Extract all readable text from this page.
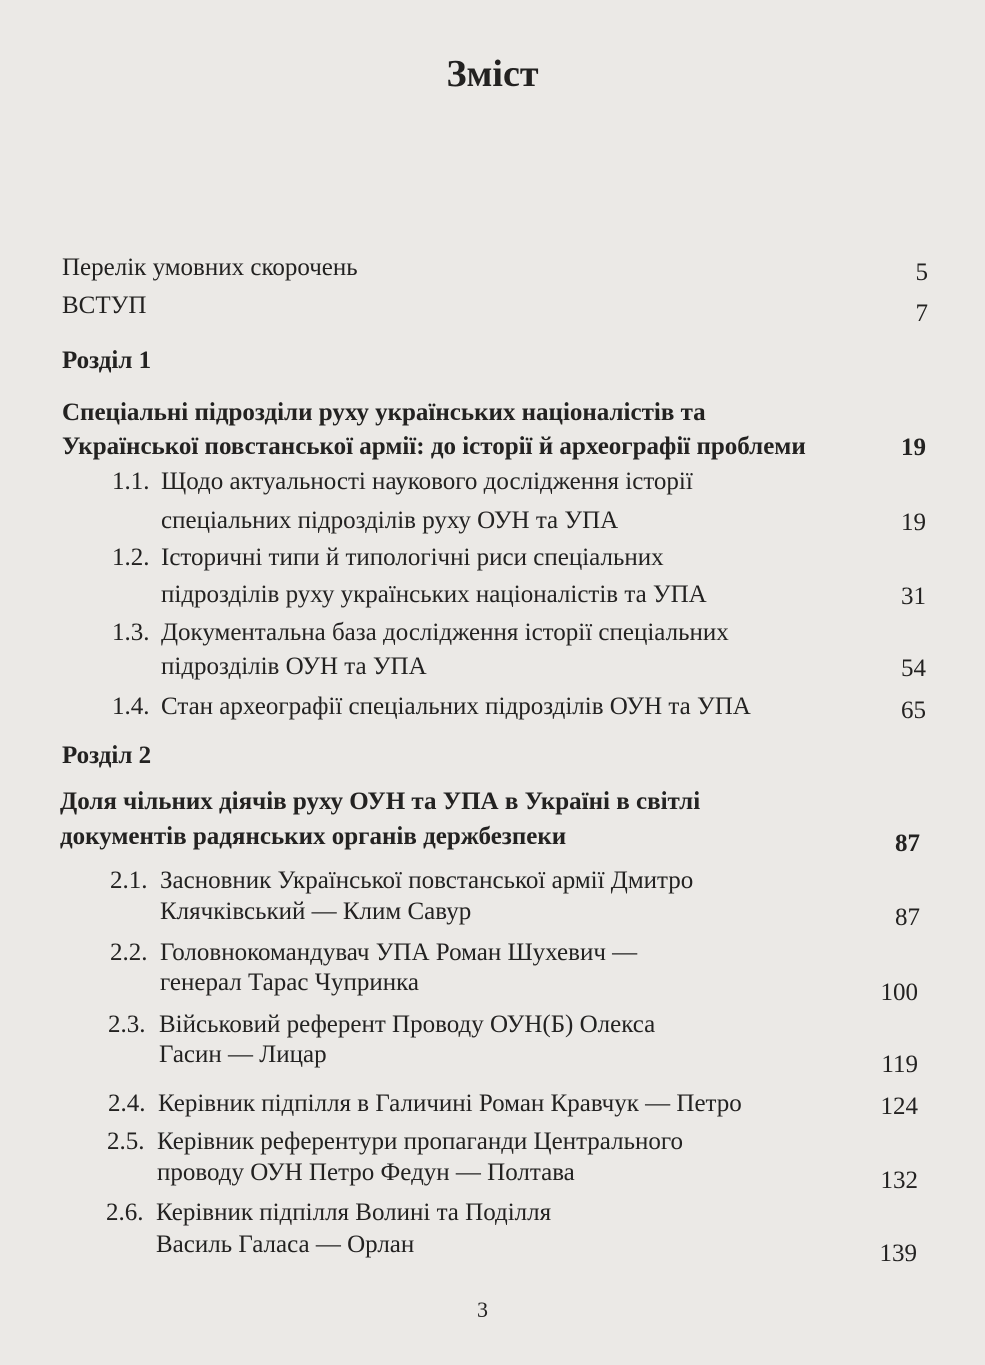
Зміст
Перелік умовних скорочень	5
ВСТУП	7
Розділ 1
Спеціальні підрозділи руху українських націоналістів та
Української повстанської армії: до історії й археографії проблеми	19
1.1. Щодо актуальності наукового дослідження історії
спеціальних підрозділів руху ОУН та УПА	19
1.2. Історичні типи й типологічні риси спеціальних
підрозділів руху українських націоналістів та УПА	31
1.3. Документальна база дослідження історії спеціальних
підрозділів ОУН та УПА	54
1.4. Стан археографії спеціальних підрозділів ОУН та УПА	65
Розділ 2
Доля чільних діячів руху ОУН та УПА в Україні в світлі
документів радянських органів держбезпеки	87
2.1. Засновник Української повстанської армії Дмитро
Клячківський — Клим Савур	87
2.2. Головнокомандувач УПА Роман Шухевич —
генерал Тарас Чупринка	100
2.3. Військовий референт Проводу ОУН(Б) Олекса
Гасин — Лицар	119
2.4. Керівник підпілля в Галичині Роман Кравчук — Петро	124
2.5. Керівник референтури пропаганди Центрального
проводу ОУН Петро Федун — Полтава	132
2.6. Керівник підпілля Волині та Поділля
Василь Галаса — Орлан	139
3
